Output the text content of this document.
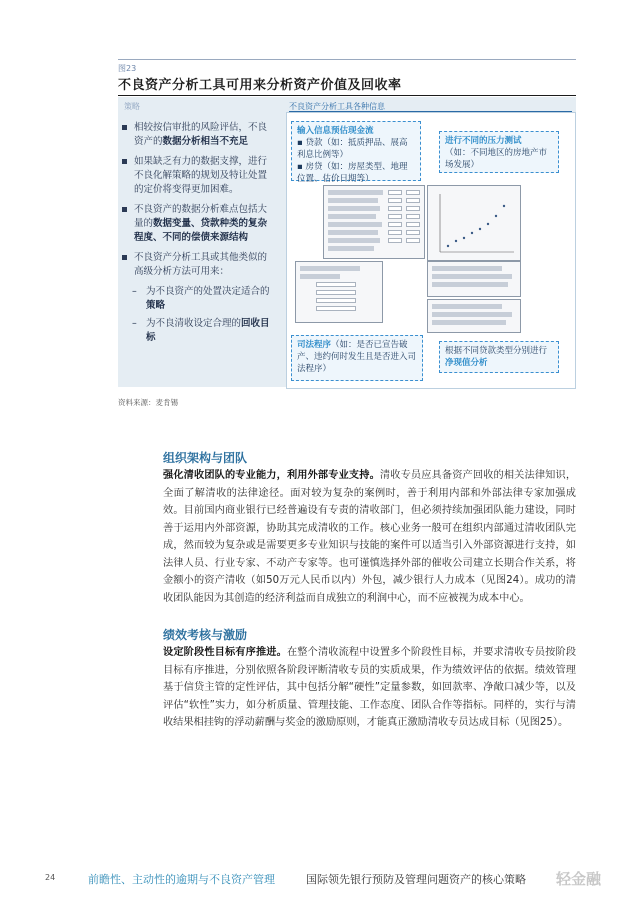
图23
不良资产分析工具可用来分析资产价值及回收率
策略	不良资产分析工具各种信息
相较按信审批的风险评估，不良资产的数据分析相当不充足
如果缺乏有力的数据支撑，进行不良化解策略的规划及特让处置的定价将变得更加困难。
不良资产的数据分析难点包括大量的数据变量、贷款种类的复杂程度、不同的偿债来源结构
不良资产分析工具或其他类似的高级分析方法可用来：
– 为不良资产的处置决定适合的策略
– 为不良清收设定合理的回收目标
输入信息预估现金流
▪ 贷款（如：抵质押品、展高利息比例等）
▪ 房贷（如：房屋类型、地理位置、估价日期等）
进行不同的压力测试
（如：不同地区的房地产市场发展）
司法程序（如：是否已宣告破产、违约何时发生且是否进入司法程序）
根据不同贷款类型分别进行净现值分析
资料来源：麦肯锡
组织架构与团队

强化清收团队的专业能力，利用外部专业支持。清收专员应具备资产回收的相关法律知识，全面了解清收的法律途径。面对较为复杂的案例时，善于利用内部和外部法律专家加强成效。目前国内商业银行已经普遍设有专责的清收部门，但必须持续加强团队能力建设，同时善于运用内外部资源，协助其完成清收的工作。核心业务一般可在组织内部通过清收团队完成，然而较为复杂或是需要更多专业知识与技能的案件可以适当引入外部资源进行支持，如法律人员、行业专家、不动产专家等。也可谨慎选择外部的催收公司建立长期合作关系，将金额小的资产清收（如50万元人民币以内）外包，减少银行人力成本（见图24）。成功的清收团队能因为其创造的经济利益而自成独立的利润中心，而不应被视为成本中心。

绩效考核与激励

设定阶段性目标有序推进。在整个清收流程中设置多个阶段性目标，并要求清收专员按阶段目标有序推进，分别依照各阶段评断清收专员的实质成果，作为绩效评估的依据。绩效管理基于信贷主管的定性评估，其中包括分解“硬性”定量参数，如回款率、净敞口减少等，以及评估“软性”实力，如分析质量、管理技能、工作态度、团队合作等指标。同样的，实行与清收结果相挂钩的浮动薪酬与奖金的激励原则，才能真正激励清收专员达成目标（见图25）。

24	前瞻性、主动性的逾期与不良资产管理	国际领先银行预防及管理问题资产的核心策略 轻金融
